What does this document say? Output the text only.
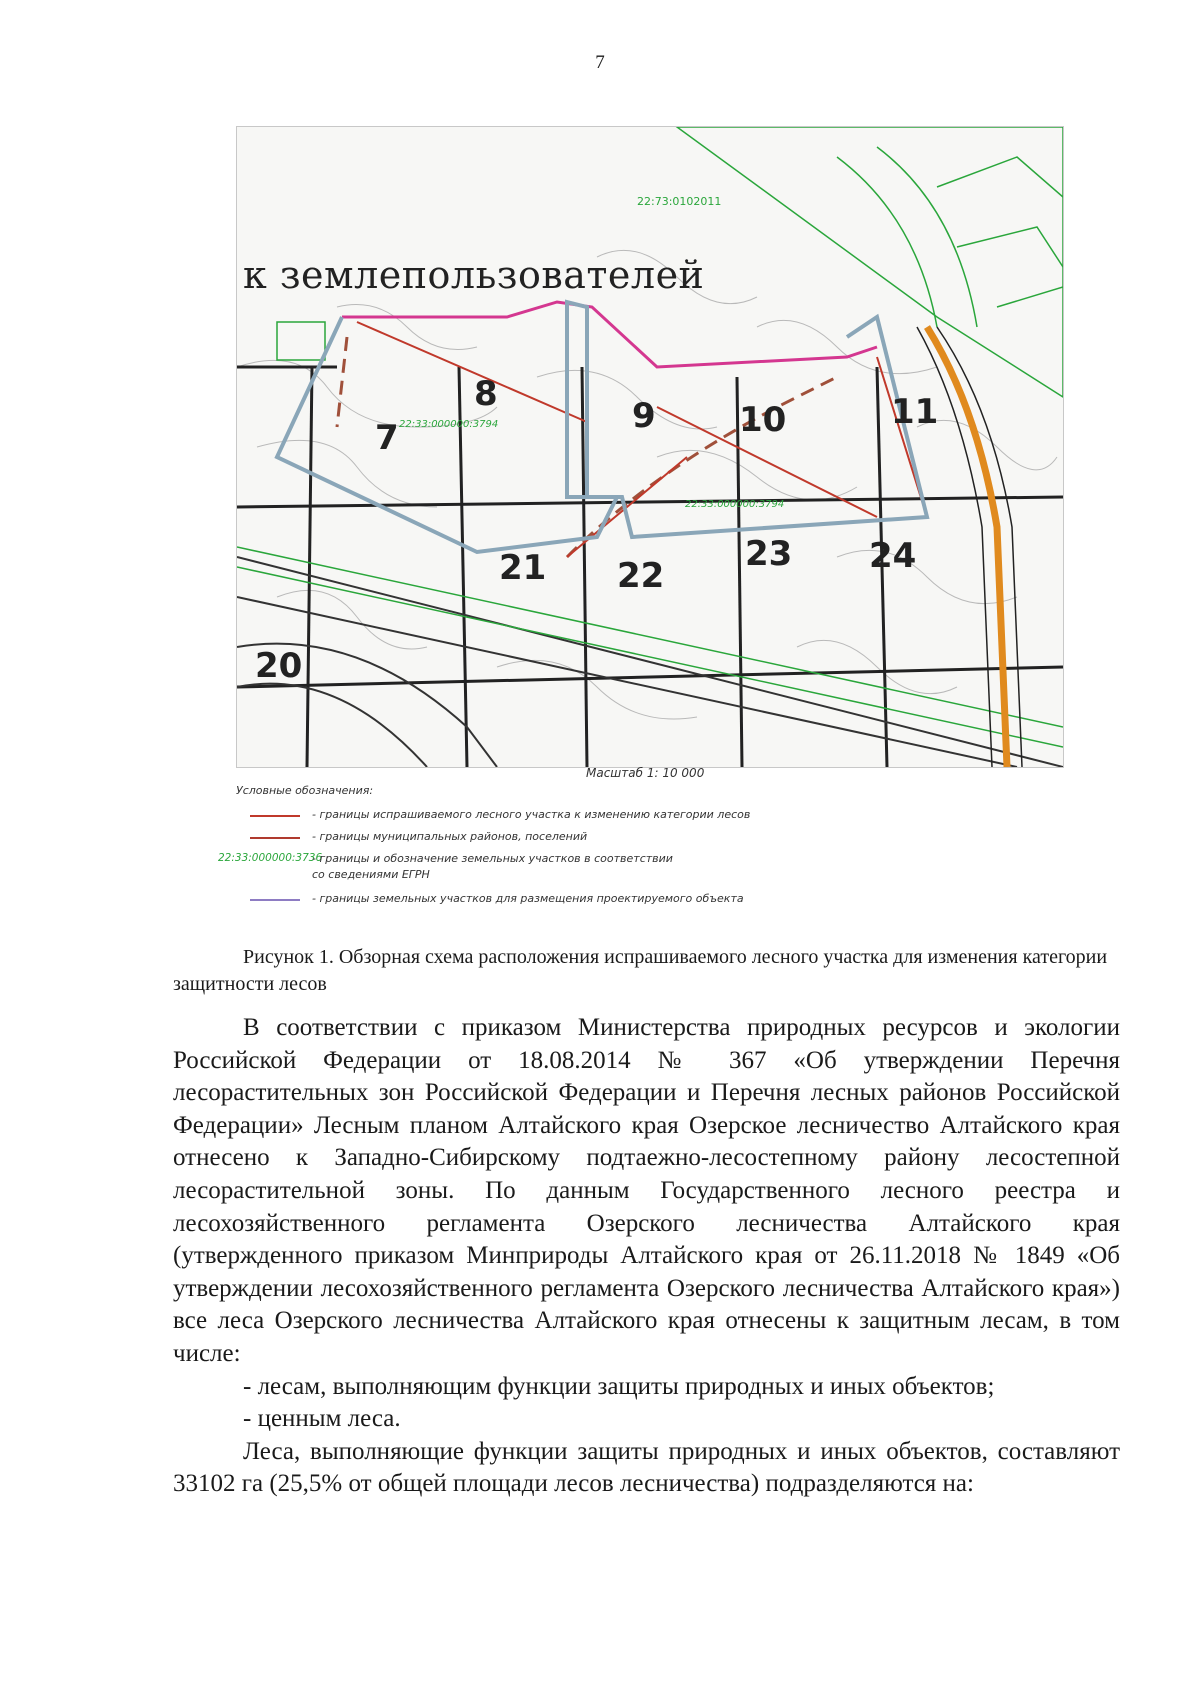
7
22:73:0102011
22:33:000000:3794
22:33:000000:3794
7
8
9 10	11
20
21 22
23 24
к землепользователей
Масштаб 1: 10 000
Условные обозначения:
- границы испрашиваемого лесного участка к изменению категории лесов
- границы муниципальных районов, поселений
22:33:000000:3736
- границы и обозначение земельных участков в соответствии
со сведениями ЕГРН
- границы земельных участков для размещения проектируемого объекта
Рисунок 1. Обзорная схема расположения испрашиваемого лесного участка для изменения категории защитности лесов

В соответствии с приказом Министерства природных ресурсов и экологии Российской Федерации от 18.08.2014 № 367 «Об утверждении Перечня лесорастительных зон Российской Федерации и Перечня лесных районов Российской Федерации» Лесным планом Алтайского края Озерское лесничество Алтайского края отнесено к Западно-Сибирскому подтаежно-лесостепному району лесостепной лесорастительной зоны. По данным Государственного лесного реестра и лесохозяйственного регламента Озерского лесничества Алтайского края (утвержденного приказом Минприроды Алтайского края от 26.11.2018 № 1849 «Об утверждении лесохозяйственного регламента Озерского лесничества Алтайского края») все леса Озерского лесничества Алтайского края отнесены к защитным лесам, в том числе:

- лесам, выполняющим функции защиты природных и иных объектов;

- ценным леса.

Леса, выполняющие функции защиты природных и иных объектов, составляют 33102 га (25,5% от общей площади лесов лесничества) подразделяются на:
